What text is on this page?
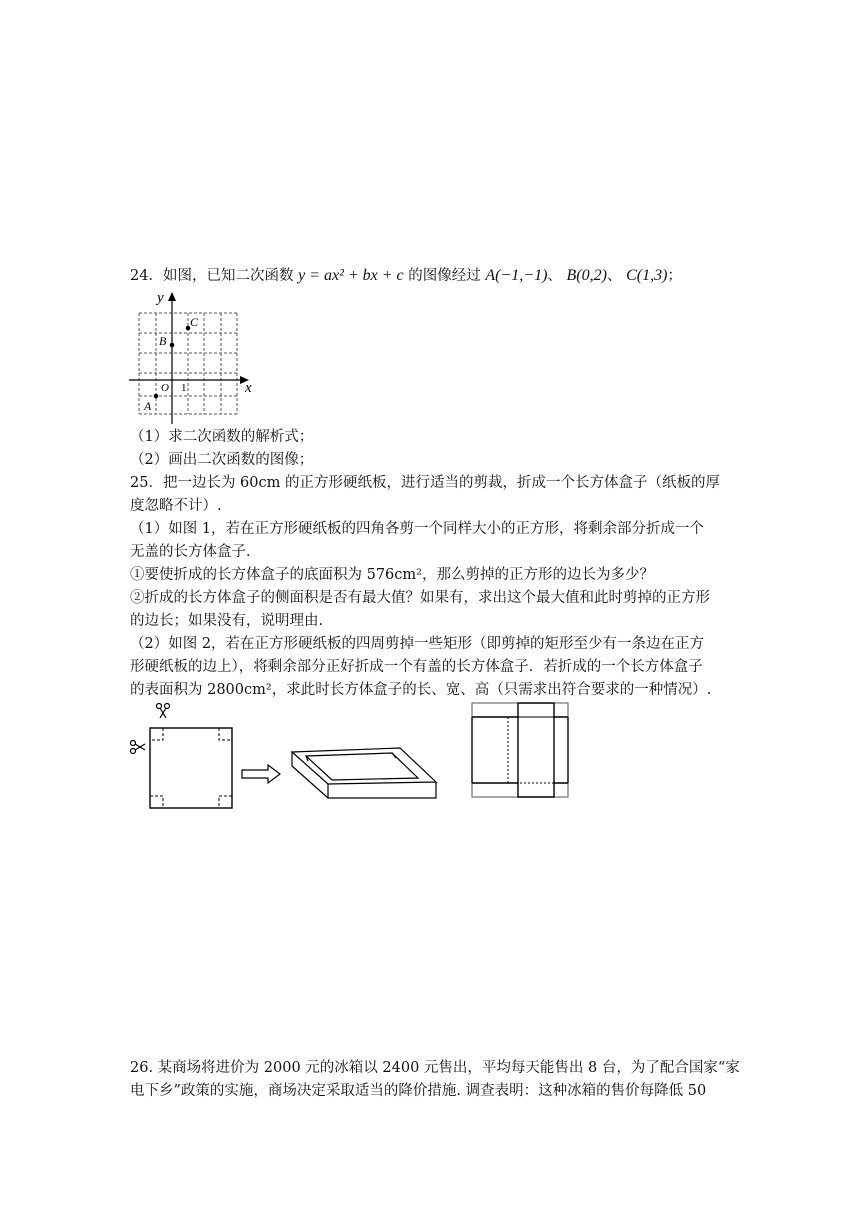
24．如图，已知二次函数 y = ax² + bx + c 的图像经过 A(−1,−1)、 B(0,2)、 C(1,3)；
x
y
O 1
A
B
C
（1）求二次函数的解析式；
（2）画出二次函数的图像；
25．把一边长为 60cm 的正方形硬纸板，进行适当的剪裁，折成一个长方体盒子（纸板的厚
度忽略不计）.
（1）如图 1，若在正方形硬纸板的四角各剪一个同样大小的正方形，将剩余部分折成一个
无盖的长方体盒子.
①要使折成的长方体盒子的底面积为 576cm²，那么剪掉的正方形的边长为多少？
②折成的长方体盒子的侧面积是否有最大值？如果有，求出这个最大值和此时剪掉的正方形
的边长；如果没有，说明理由.
（2）如图 2，若在正方形硬纸板的四周剪掉一些矩形（即剪掉的矩形至少有一条边在正方
形硬纸板的边上），将剩余部分正好折成一个有盖的长方体盒子．若折成的一个长方体盒子
的表面积为 2800cm²，求此时长方体盒子的长、宽、高（只需求出符合要求的一种情况）.
26. 某商场将进价为 2000 元的冰箱以 2400 元售出，平均每天能售出 8 台，为了配合国家“家
电下乡”政策的实施，商场决定采取适当的降价措施. 调查表明：这种冰箱的售价每降低 50
